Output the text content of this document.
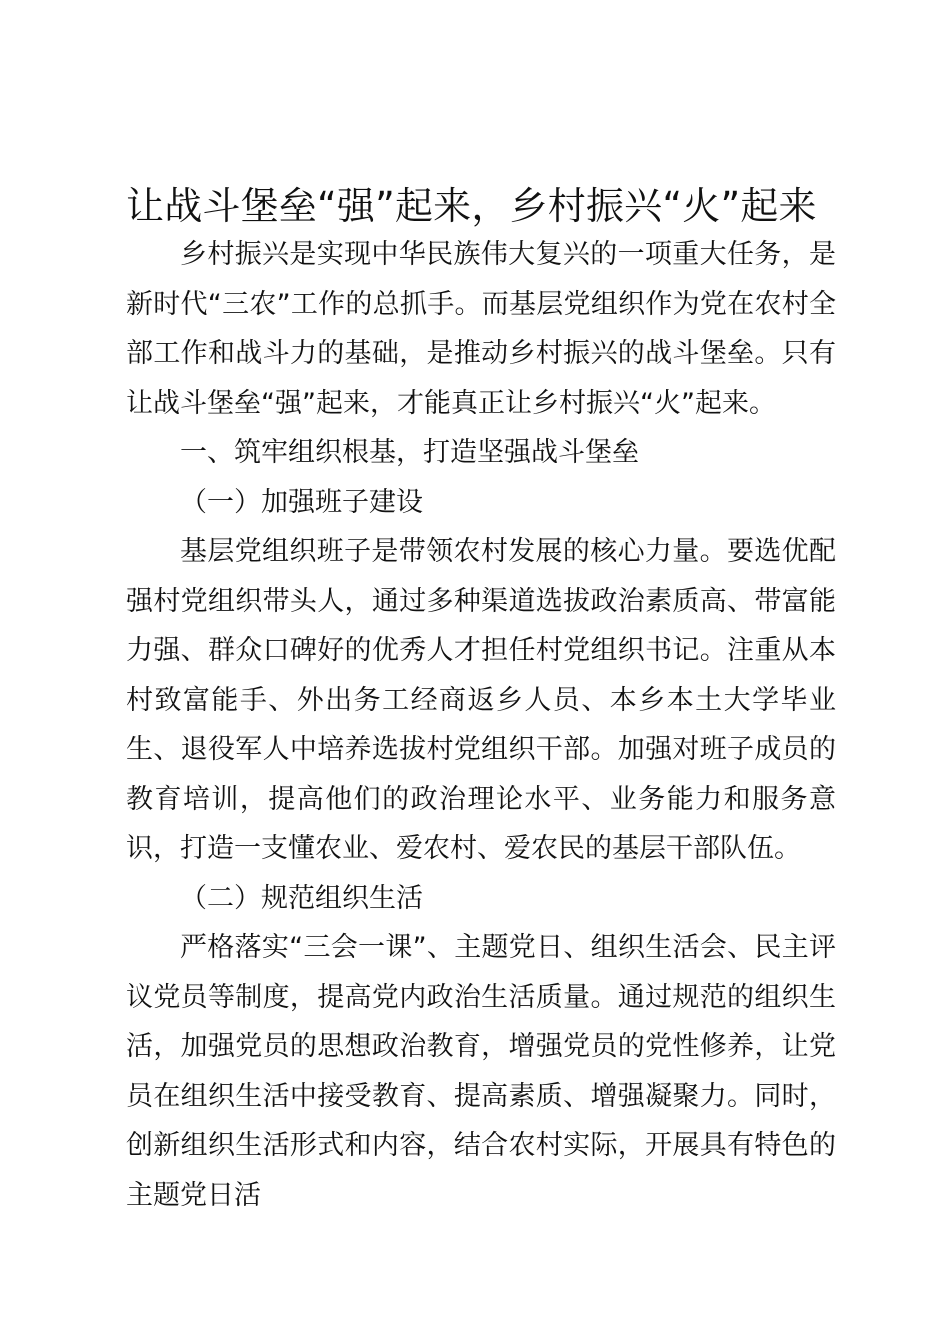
让战斗堡垒“强”起来，乡村振兴“火”起来

乡村振兴是实现中华民族伟大复兴的一项重大任务，是新时代“三农”工作的总抓手。而基层党组织作为党在农村全部工作和战斗力的基础，是推动乡村振兴的战斗堡垒。只有让战斗堡垒“强”起来，才能真正让乡村振兴“火”起来。

一、筑牢组织根基，打造坚强战斗堡垒

（一）加强班子建设

基层党组织班子是带领农村发展的核心力量。要选优配强村党组织带头人，通过多种渠道选拔政治素质高、带富能力强、群众口碑好的优秀人才担任村党组织书记。注重从本村致富能手、外出务工经商返乡人员、本乡本土大学毕业生、退役军人中培养选拔村党组织干部。加强对班子成员的教育培训，提高他们的政治理论水平、业务能力和服务意识，打造一支懂农业、爱农村、爱农民的基层干部队伍。

（二）规范组织生活

严格落实“三会一课”、主题党日、组织生活会、民主评议党员等制度，提高党内政治生活质量。通过规范的组织生活，加强党员的思想政治教育，增强党员的党性修养，让党员在组织生活中接受教育、提高素质、增强凝聚力。同时，创新组织生活形式和内容，结合农村实际，开展具有特色的主题党日活
